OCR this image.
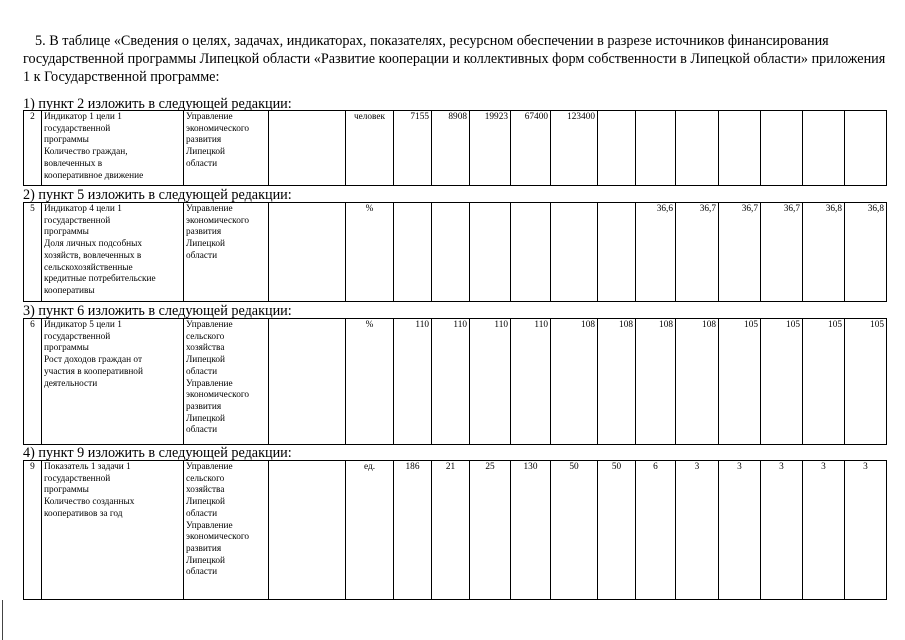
5. В таблице «Сведения о целях, задачах, индикаторах, показателях, ресурсном обеспечении в разрезе источников финансирования государственной программы Липецкой области «Развитие кооперации и коллективных форм собственности в Липецкой области» приложения 1 к Государственной программе:

1) пункт 2 изложить в следующей редакции:
2	Индикатор 1 цели 1
государственной
программы
Количество граждан,
вовлеченных в
кооперативное движение	Управление
экономического
развития
Липецкой
области		человек	7155	8908	19923	67400	123400							
2) пункт 5 изложить в следующей редакции:
5	Индикатор 4 цели 1
государственной
программы
Доля личных подсобных
хозяйств, вовлеченных в
сельскохозяйственные
кредитные потребительские
кооперативы	Управление
экономического
развития
Липецкой
области		%							36,6	36,7	36,7	36,7	36,8	36,8
3) пункт 6 изложить в следующей редакции:
6	Индикатор 5 цели 1
государственной
программы
Рост доходов граждан от
участия в кооперативной
деятельности	Управление
сельского
хозяйства
Липецкой
области
Управление
экономического
развития
Липецкой
области		%	110	110	110	110	108	108	108	108	105	105	105	105
4) пункт 9 изложить в следующей редакции:
9	Показатель 1 задачи 1
государственной
программы
Количество созданных
кооперативов за год	Управление
сельского
хозяйства
Липецкой
области
Управление
экономического
развития
Липецкой
области		ед.	186	21	25	130	50	50	6	3	3	3	3	3
